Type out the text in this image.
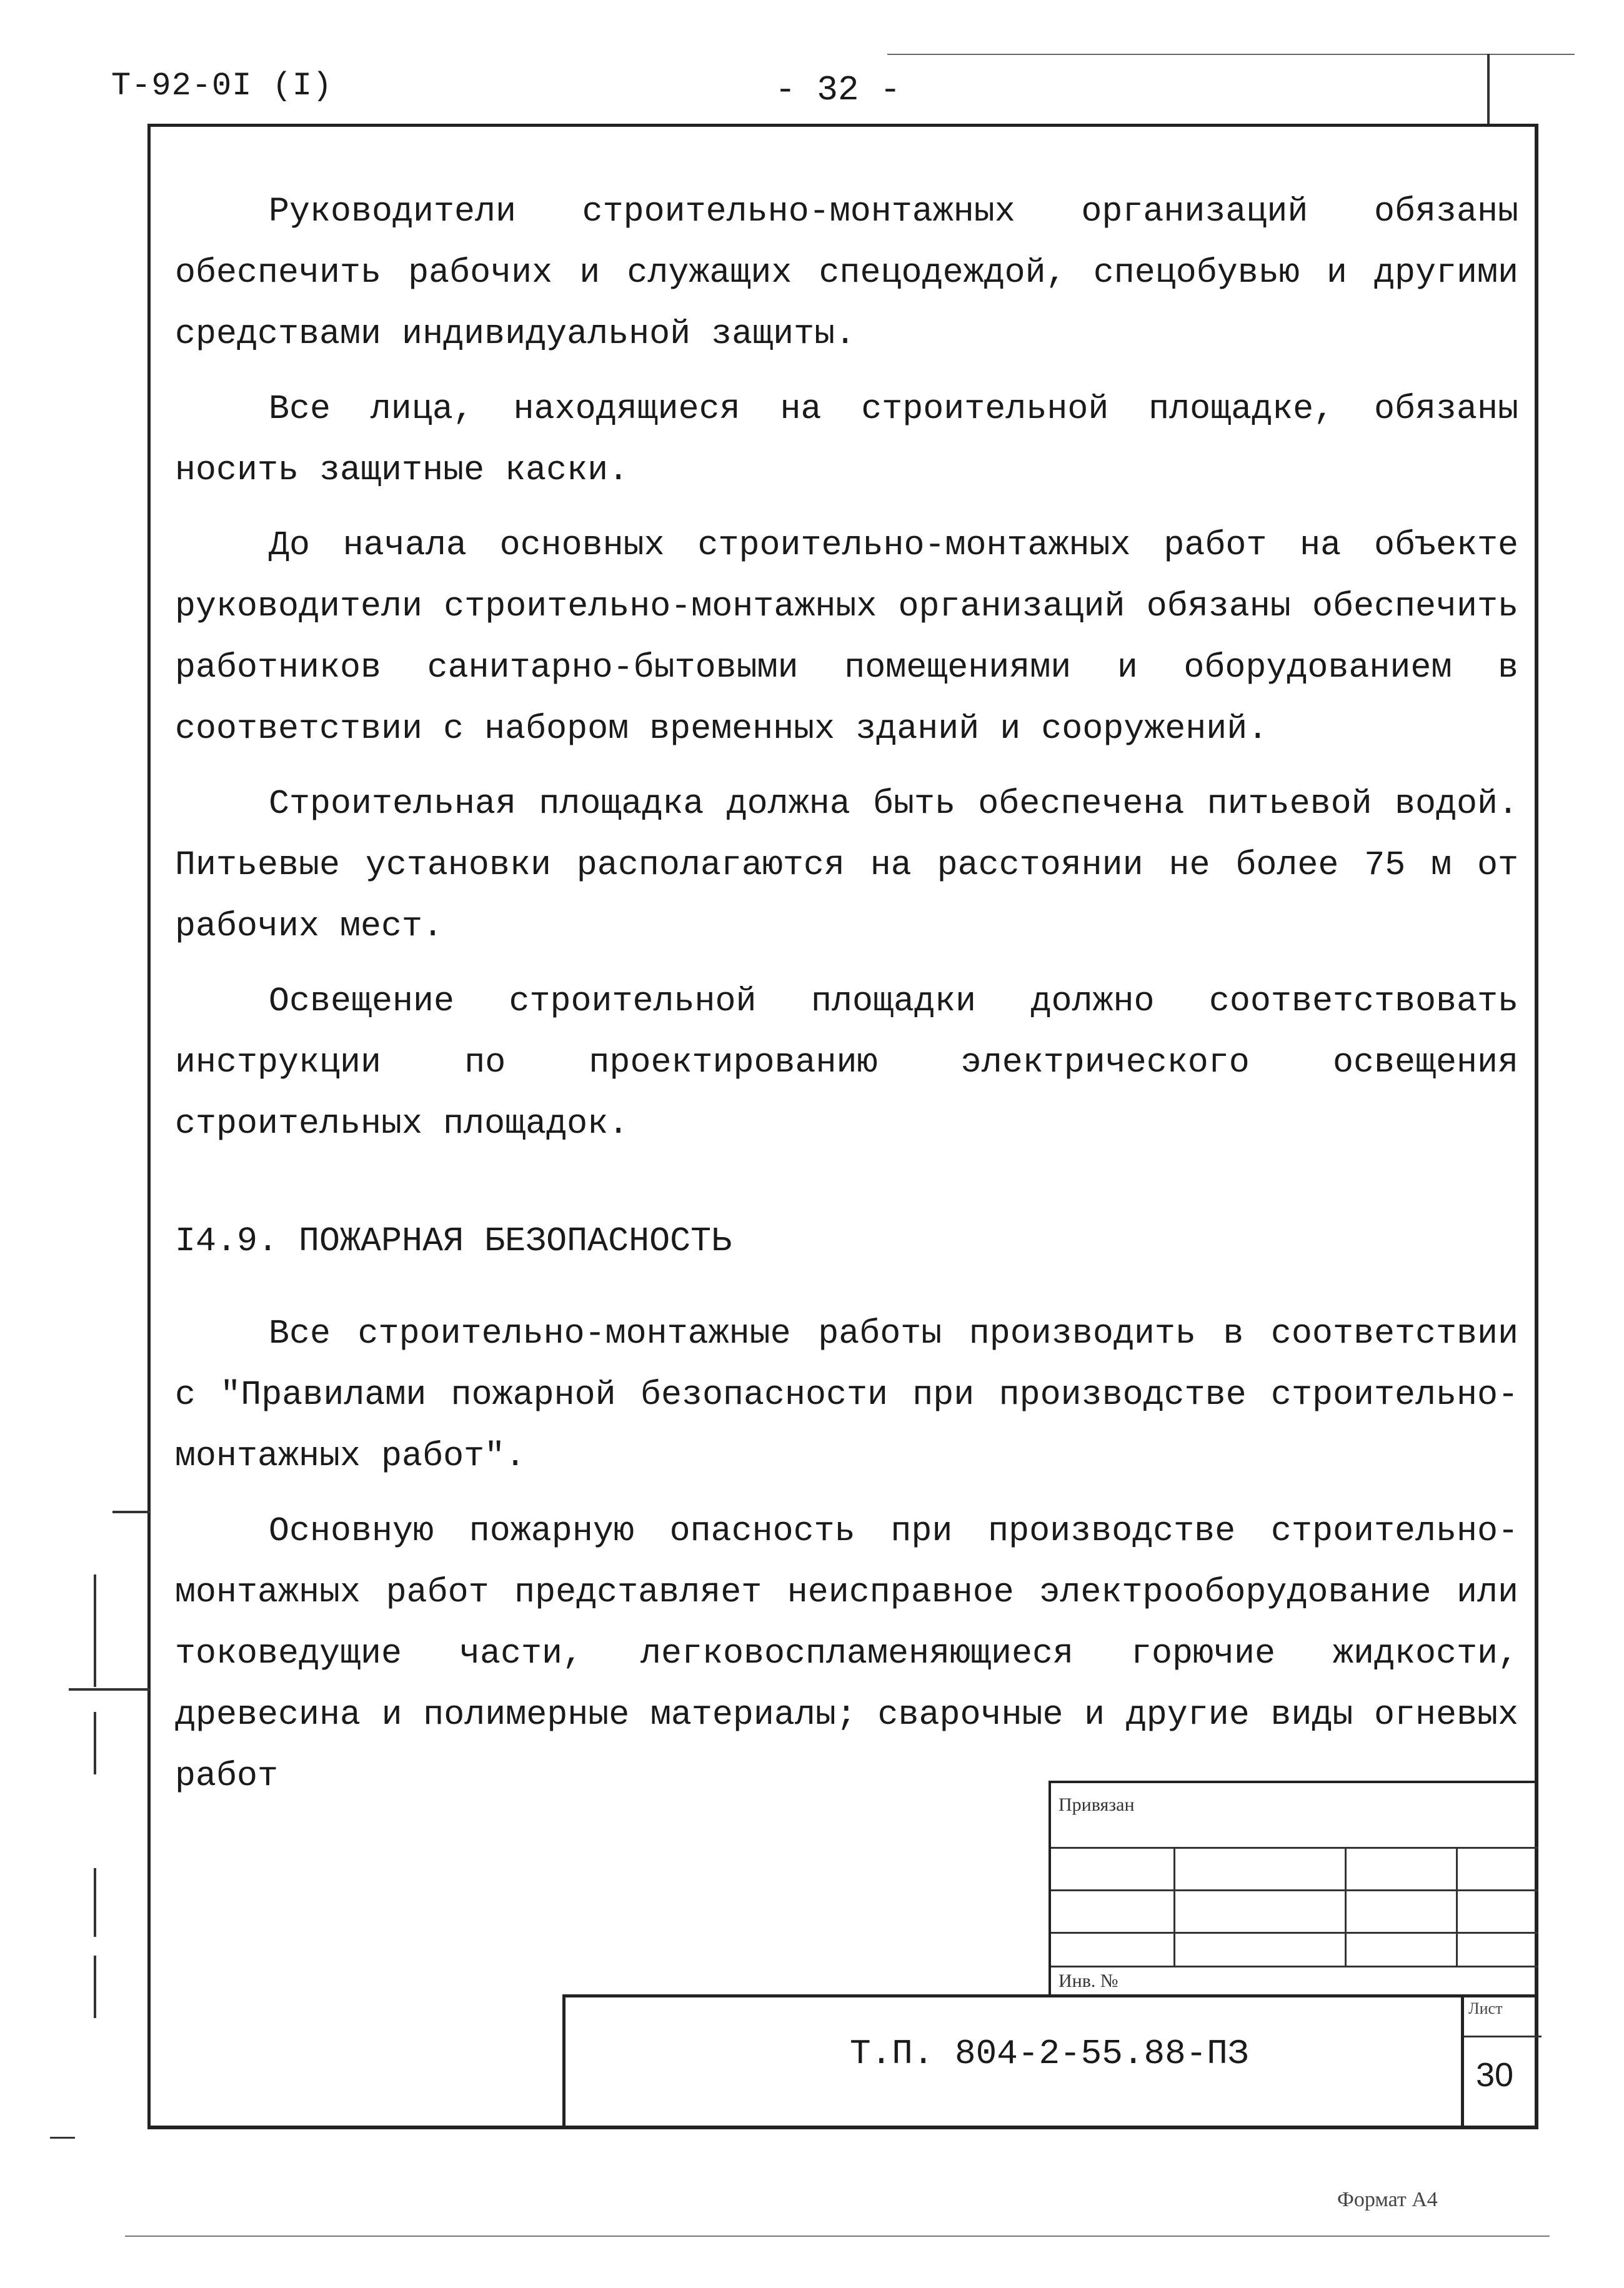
Т-92-0I (I)	- 32 -

Руководители строительно-монтажных организаций обязаны обеспечить рабочих и служащих спецодеждой, спецобувью и другими средствами индивидуальной защиты.

Все лица, находящиеся на строительной площадке, обязаны носить защитные каски.

До начала основных строительно-монтажных работ на объекте руководители строительно-монтажных организаций обязаны обеспечить работников санитарно-бытовыми помещениями и оборудованием в соответствии с набором временных зданий и сооружений.

Строительная площадка должна быть обеспечена питьевой водой. Питьевые установки располагаются на расстоянии не более 75 м от рабочих мест.

Освещение строительной площадки должно соответствовать инструкции по проектированию электрического освещения строительных площадок.

I4.9. ПОЖАРНАЯ БЕЗОПАСНОСТЬ

Все строительно-монтажные работы производить в соответствии с "Правилами пожарной безопасности при производстве строительно-монтажных работ".

Основную пожарную опасность при производстве строительно-монтажных работ представляет неисправное электрооборудование или токоведущие части, легковоспламеняющиеся горючие жидкости, древесина и полимерные материалы; сварочные и другие виды огневых работ

Привязан
Инв. №
Т.П. 804-2-55.88-ПЗ
Лист
30
Формат А4
